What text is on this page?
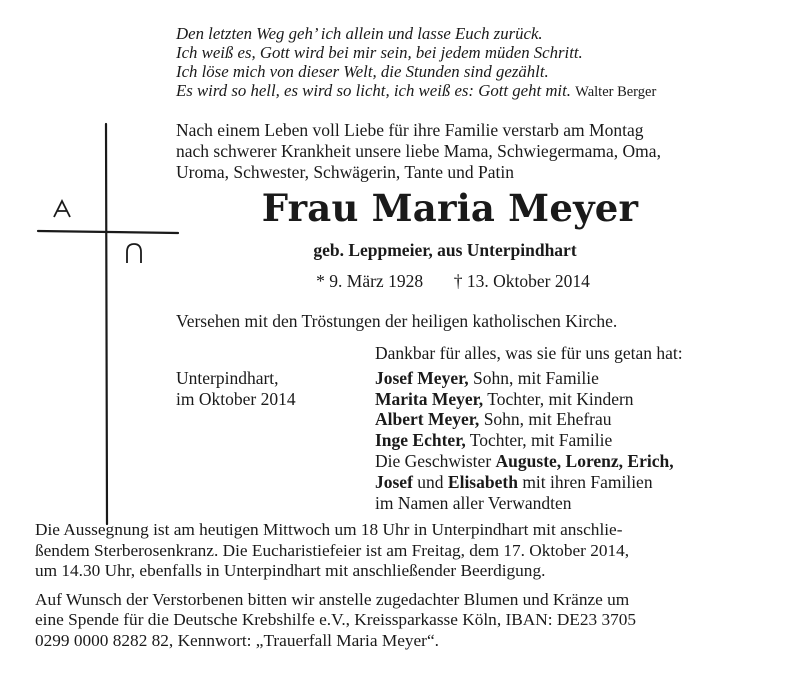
Den letzten Weg geh’ ich allein und lasse Euch zurück.
Ich weiß es, Gott wird bei mir sein, bei jedem müden Schritt.
Ich löse mich von dieser Welt, die Stunden sind gezählt.
Es wird so hell, es wird so licht, ich weiß es: Gott geht mit. Walter Berger
Nach einem Leben voll Liebe für ihre Familie verstarb am Montag
nach schwerer Krankheit unsere liebe Mama, Schwiegermama, Oma,
Uroma, Schwester, Schwägerin, Tante und Patin
Frau Maria Meyer
geb. Leppmeier, aus Unterpindhart
* 9. März 1928 † 13. Oktober 2014
Versehen mit den Tröstungen der heiligen katholischen Kirche.
Unterpindhart,
im Oktober 2014
Dankbar für alles, was sie für uns getan hat:
Josef Meyer, Sohn, mit Familie
Marita Meyer, Tochter, mit Kindern
Albert Meyer, Sohn, mit Ehefrau
Inge Echter, Tochter, mit Familie
Die Geschwister Auguste, Lorenz, Erich,
Josef und Elisabeth mit ihren Familien
im Namen aller Verwandten
Die Aussegnung ist am heutigen Mittwoch um 18 Uhr in Unterpindhart mit anschlie-
ßendem Sterberosenkranz. Die Eucharistiefeier ist am Freitag, dem 17. Oktober 2014,
um 14.30 Uhr, ebenfalls in Unterpindhart mit anschließender Beerdigung.
Auf Wunsch der Verstorbenen bitten wir anstelle zugedachter Blumen und Kränze um
eine Spende für die Deutsche Krebshilfe e.V., Kreissparkasse Köln, IBAN: DE23 3705
0299 0000 8282 82, Kennwort: „Trauerfall Maria Meyer“.
